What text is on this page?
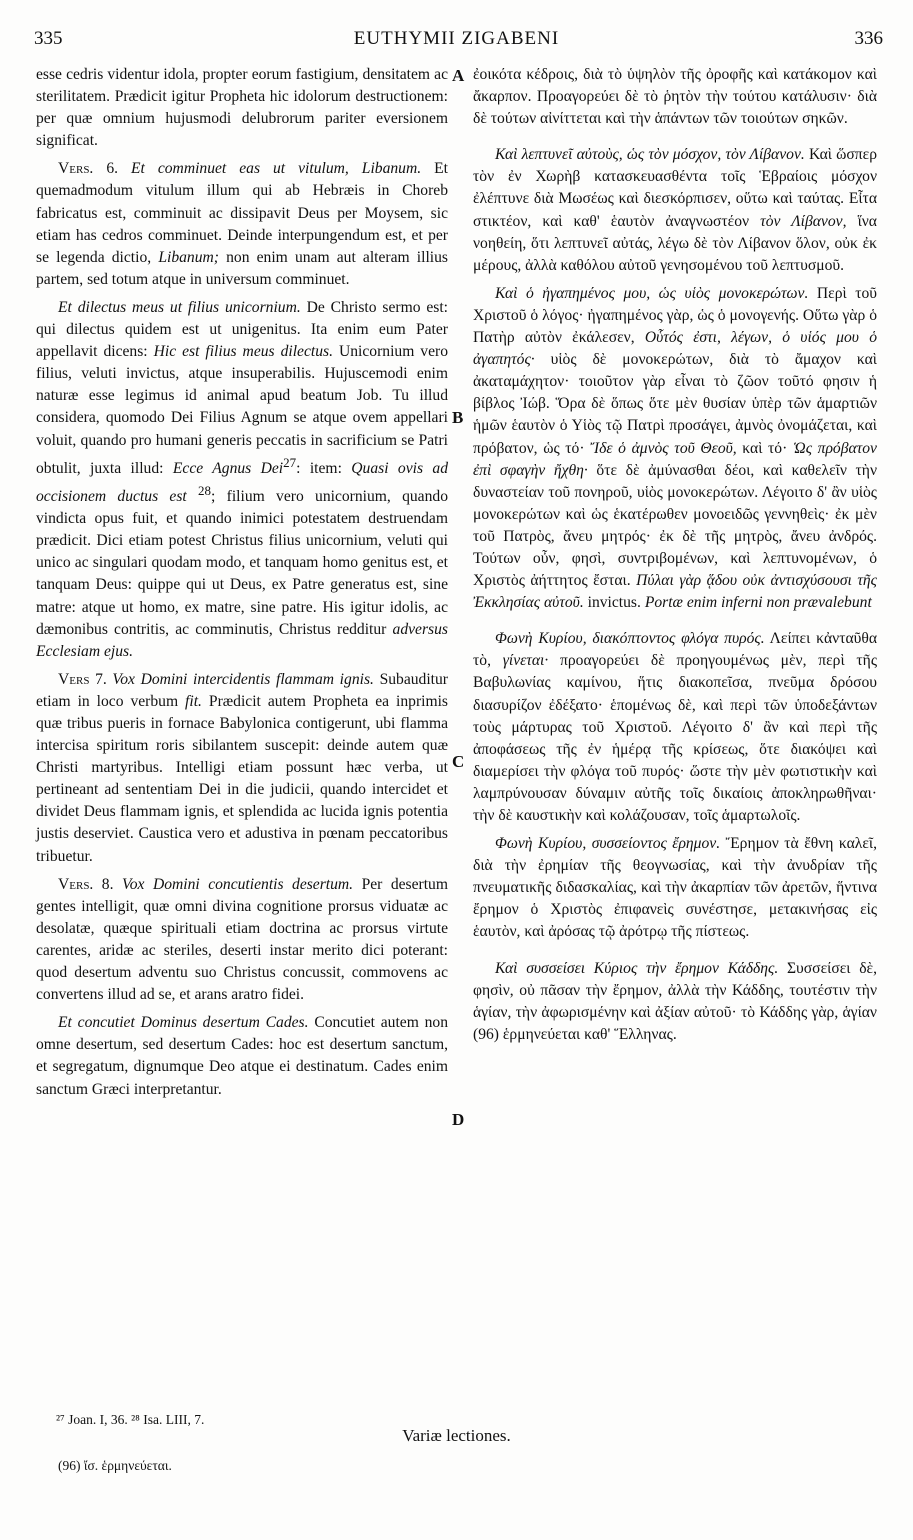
335	EUTHYMII ZIGABENI	336
A
B
C
D

esse cedris videntur idola, propter eorum fastigium, densitatem ac sterilitatem. Prædicit igitur Propheta hic idolorum destructionem: per quæ omnium hujusmodi delubrorum pariter eversionem significat.

Vers. 6. Et comminuet eas ut vitulum, Libanum. Et quemadmodum vitulum illum qui ab Hebræis in Choreb fabricatus est, comminuit ac dissipavit Deus per Moysem, sic etiam has cedros comminuet. Deinde interpungendum est, et per se legenda dictio, Libanum; non enim unam aut alteram illius partem, sed totum atque in universum comminuet.

Et dilectus meus ut filius unicornium. De Christo sermo est: qui dilectus quidem est ut unigenitus. Ita enim eum Pater appellavit dicens: Hic est filius meus dilectus. Unicornium vero filius, veluti invictus, atque insuperabilis. Hujuscemodi enim naturæ esse legimus id animal apud beatum Job. Tu illud considera, quomodo Dei Filius Agnum se atque ovem appellari voluit, quando pro humani generis peccatis in sacrificium se Patri obtulit, juxta illud: Ecce Agnus Dei$^{27}$: item: Quasi ovis ad occisionem ductus est $^{28}$; filium vero unicornium, quando vindicta opus fuit, et quando inimici potestatem destruendam prædicit. Dici etiam potest Christus filius unicornium, veluti qui unico ac singulari quodam modo, et tanquam homo genitus est, et tanquam Deus: quippe qui ut Deus, ex Patre generatus est, sine matre: atque ut homo, ex matre, sine patre. His igitur idolis, ac dæmonibus contritis, ac comminutis, Christus redditur adversus Ecclesiam ejus.

Vers 7. Vox Domini intercidentis flammam ignis. Subauditur etiam in loco verbum fit. Prædicit autem Propheta ea inprimis quæ tribus pueris in fornace Babylonica contigerunt, ubi flamma intercisa spiritum roris sibilantem suscepit: deinde autem quæ Christi martyribus. Intelligi etiam possunt hæc verba, ut pertineant ad sententiam Dei in die judicii, quando intercidet et dividet Deus flammam ignis, et splendida ac lucida ignis potentia justis deserviet. Caustica vero et adustiva in pœnam peccatoribus tribuetur.

Vers. 8. Vox Domini concutientis desertum. Per desertum gentes intelligit, quæ omni divina cognitione prorsus viduatæ ac desolatæ, quæque spirituali etiam doctrina ac prorsus virtute carentes, aridæ ac steriles, deserti instar merito dici poterant: quod desertum adventu suo Christus concussit, commovens ac convertens illud ad se, et arans aratro fidei.

Et concutiet Dominus desertum Cades. Concutiet autem non omne desertum, sed desertum Cades: hoc est desertum sanctum, et segregatum, dignumque Deo atque ei destinatum. Cades enim sanctum Græci interpretantur.

ἐοικότα κέδροις, διὰ τὸ ὑψηλὸν τῆς ὀροφῆς καὶ κατάκομον καὶ ἄκαρπον. Προαγορεύει δὲ τὸ ῥητὸν τὴν τούτου κατάλυσιν· διὰ δὲ τούτων αἰνίττεται καὶ τὴν ἁπάντων τῶν τοιούτων σηκῶν.

Καὶ λεπτυνεῖ αὐτοὺς, ὡς τὸν μόσχον, τὸν Λίβανον. Καὶ ὥσπερ τὸν ἐν Χωρὴβ κατασκευασθέντα τοῖς Ἑβραίοις μόσχον ἐλέπτυνε διὰ Μωσέως καὶ διεσκόρπισεν, οὕτω καὶ ταύτας. Εἶτα στικτέον, καὶ καθ' ἑαυτὸν ἀναγνωστέον τὸν Λίβανον, ἵνα νοηθείη, ὅτι λεπτυνεῖ αὐτάς, λέγω δὲ τὸν Λίβανον ὅλον, οὐκ ἐκ μέρους, ἀλλὰ καθόλου αὐτοῦ γενησομένου τοῦ λεπτυσμοῦ.

Καὶ ὁ ἠγαπημένος μου, ὡς υἱὸς μονοκερώτων. Περὶ τοῦ Χριστοῦ ὁ λόγος· ἠγαπημένος γὰρ, ὡς ὁ μονογενής. Οὕτω γὰρ ὁ Πατὴρ αὐτὸν ἐκάλεσεν, Οὗτός ἐστι, λέγων, ὁ υἱός μου ὁ ἀγαπητός· υἱὸς δὲ μονοκερώτων, διὰ τὸ ἄμαχον καὶ ἀκαταμάχητον· τοιοῦτον γὰρ εἶναι τὸ ζῶον τοῦτό φησιν ἡ βίβλος Ἰώβ. Ὅρα δὲ ὅπως ὅτε μὲν θυσίαν ὑπὲρ τῶν ἁμαρτιῶν ἡμῶν ἑαυτὸν ὁ Υἱὸς τῷ Πατρὶ προσάγει, ἀμνὸς ὀνομάζεται, καὶ πρόβατον, ὡς τό· Ἴδε ὁ ἀμνὸς τοῦ Θεοῦ, καὶ τό· Ὡς πρόβατον ἐπὶ σφαγὴν ἤχθη· ὅτε δὲ ἀμύνασθαι δέοι, καὶ καθελεῖν τὴν δυναστείαν τοῦ πονηροῦ, υἱὸς μονοκερώτων. Λέγοιτο δ' ἂν υἱὸς μονοκερώτων καὶ ὡς ἑκατέρωθεν μονοειδῶς γεννηθεὶς· ἐκ μὲν τοῦ Πατρὸς, ἄνευ μητρός· ἐκ δὲ τῆς μητρὸς, ἄνευ ἀνδρός. Τούτων οὖν, φησὶ, συντριβομένων, καὶ λεπτυνομένων, ὁ Χριστὸς ἀήττητος ἔσται. Πύλαι γὰρ ᾅδου οὐκ ἀντισχύσουσι τῆς Ἐκκλησίας αὐτοῦ. invictus. Portæ enim inferni non prævalebunt

Φωνὴ Κυρίου, διακόπτοντος φλόγα πυρός. Λείπει κἀνταῦθα τὸ, γίνεται· προαγορεύει δὲ προηγουμένως μὲν, περὶ τῆς Βαβυλωνίας καμίνου, ἥτις διακοπεῖσα, πνεῦμα δρόσου διασυρίζον ἐδέξατο· ἑπομένως δὲ, καὶ περὶ τῶν ὑποδεξάντων τοὺς μάρτυρας τοῦ Χριστοῦ. Λέγοιτο δ' ἂν καὶ περὶ τῆς ἀποφάσεως τῆς ἐν ἡμέρᾳ τῆς κρίσεως, ὅτε διακόψει καὶ διαμερίσει τὴν φλόγα τοῦ πυρός· ὥστε τὴν μὲν φωτιστικὴν καὶ λαμπρύνουσαν δύναμιν αὐτῆς τοῖς δικαίοις ἀποκληρωθῆναι· τὴν δὲ καυστικὴν καὶ κολάζουσαν, τοῖς ἁμαρτωλοῖς.

Φωνὴ Κυρίου, συσσείοντος ἔρημον. Ἔρημον τὰ ἔθνη καλεῖ, διὰ τὴν ἐρημίαν τῆς θεογνωσίας, καὶ τὴν ἀνυδρίαν τῆς πνευματικῆς διδασκαλίας, καὶ τὴν ἀκαρπίαν τῶν ἀρετῶν, ἥντινα ἔρημον ὁ Χριστὸς ἐπιφανεὶς συνέστησε, μετακινήσας εἰς ἑαυτὸν, καὶ ἀρόσας τῷ ἀρότρῳ τῆς πίστεως.

Καὶ συσσείσει Κύριος τὴν ἔρημον Κάδδης. Συσσείσει δὲ, φησὶν, οὐ πᾶσαν τὴν ἔρημον, ἀλλὰ τὴν Κάδδης, τουτέστιν τὴν ἁγίαν, τὴν ἀφωρισμένην καὶ ἀξίαν αὐτοῦ· τὸ Κάδδης γὰρ, ἁγίαν (96) ἑρμηνεύεται καθ' Ἕλληνας.

²⁷ Joan. I, 36. ²⁸ Isa. LIII, 7.
Variæ lectiones.
(96) ἴσ. ἑρμηνεύεται.
